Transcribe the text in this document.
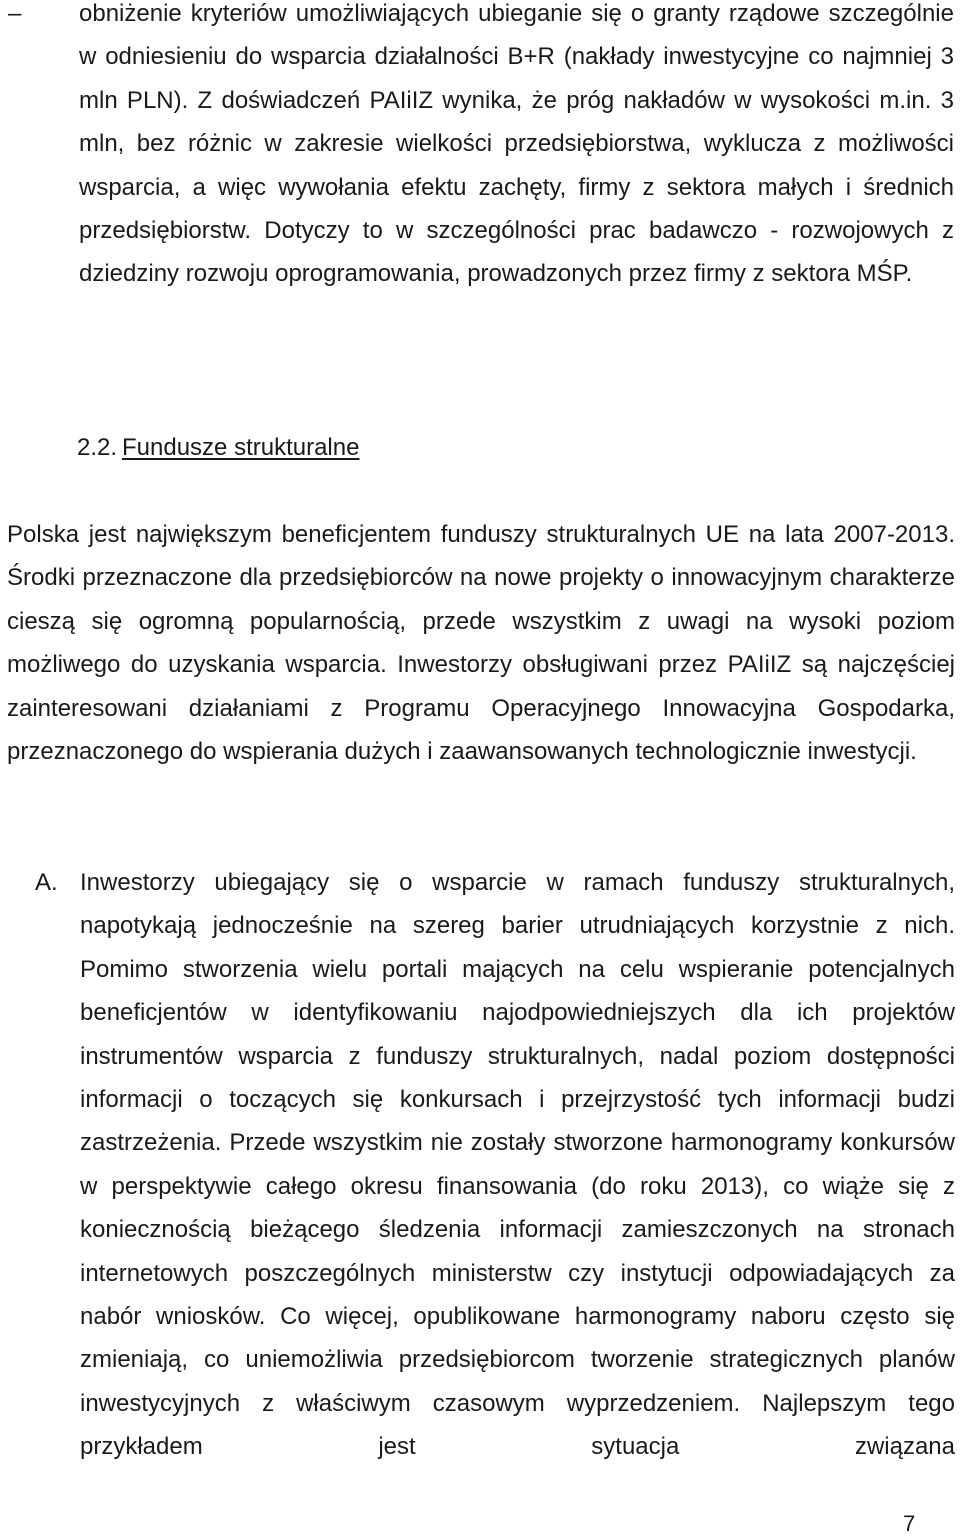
–	obniżenie kryteriów umożliwiających ubieganie się o granty rządowe szczególnie w odniesieniu do wsparcia działalności B+R (nakłady inwestycyjne co najmniej 3 mln PLN). Z doświadczeń PAIiIZ wynika, że próg nakładów w wysokości m.in. 3 mln, bez różnic w zakresie wielkości przedsiębiorstwa, wyklucza z możliwości wsparcia, a więc wywołania efektu zachęty, firmy z sektora małych i średnich przedsiębiorstw. Dotyczy to w szczególności prac badawczo - rozwojowych z dziedziny rozwoju oprogramowania, prowadzonych przez firmy z sektora MŚP.

2.2. Fundusze strukturalne

Polska jest największym beneficjentem funduszy strukturalnych UE na lata 2007-2013. Środki przeznaczone dla przedsiębiorców na nowe projekty o innowacyjnym charakterze cieszą się ogromną popularnością, przede wszystkim z uwagi na wysoki poziom możliwego do uzyskania wsparcia. Inwestorzy obsługiwani przez PAIiIZ są najczęściej zainteresowani działaniami z Programu Operacyjnego Innowacyjna Gospodarka, przeznaczonego do wspierania dużych i zaawansowanych technologicznie inwestycji.

A. Inwestorzy ubiegający się o wsparcie w ramach funduszy strukturalnych, napotykają jednocześnie na szereg barier utrudniających korzystnie z nich. Pomimo stworzenia wielu portali mających na celu wspieranie potencjalnych beneficjentów w identyfikowaniu najodpowiedniejszych dla ich projektów instrumentów wsparcia z funduszy strukturalnych, nadal poziom dostępności informacji o toczących się konkursach i przejrzystość tych informacji budzi zastrzeżenia. Przede wszystkim nie zostały stworzone harmonogramy konkursów w perspektywie całego okresu finansowania (do roku 2013), co wiąże się z koniecznością bieżącego śledzenia informacji zamieszczonych na stronach internetowych poszczególnych ministerstw czy instytucji odpowiadających za nabór wniosków. Co więcej, opublikowane harmonogramy naboru często się zmieniają, co uniemożliwia przedsiębiorcom tworzenie strategicznych planów inwestycyjnych z właściwym czasowym wyprzedzeniem. Najlepszym tego przykładem jest sytuacja związana

7
